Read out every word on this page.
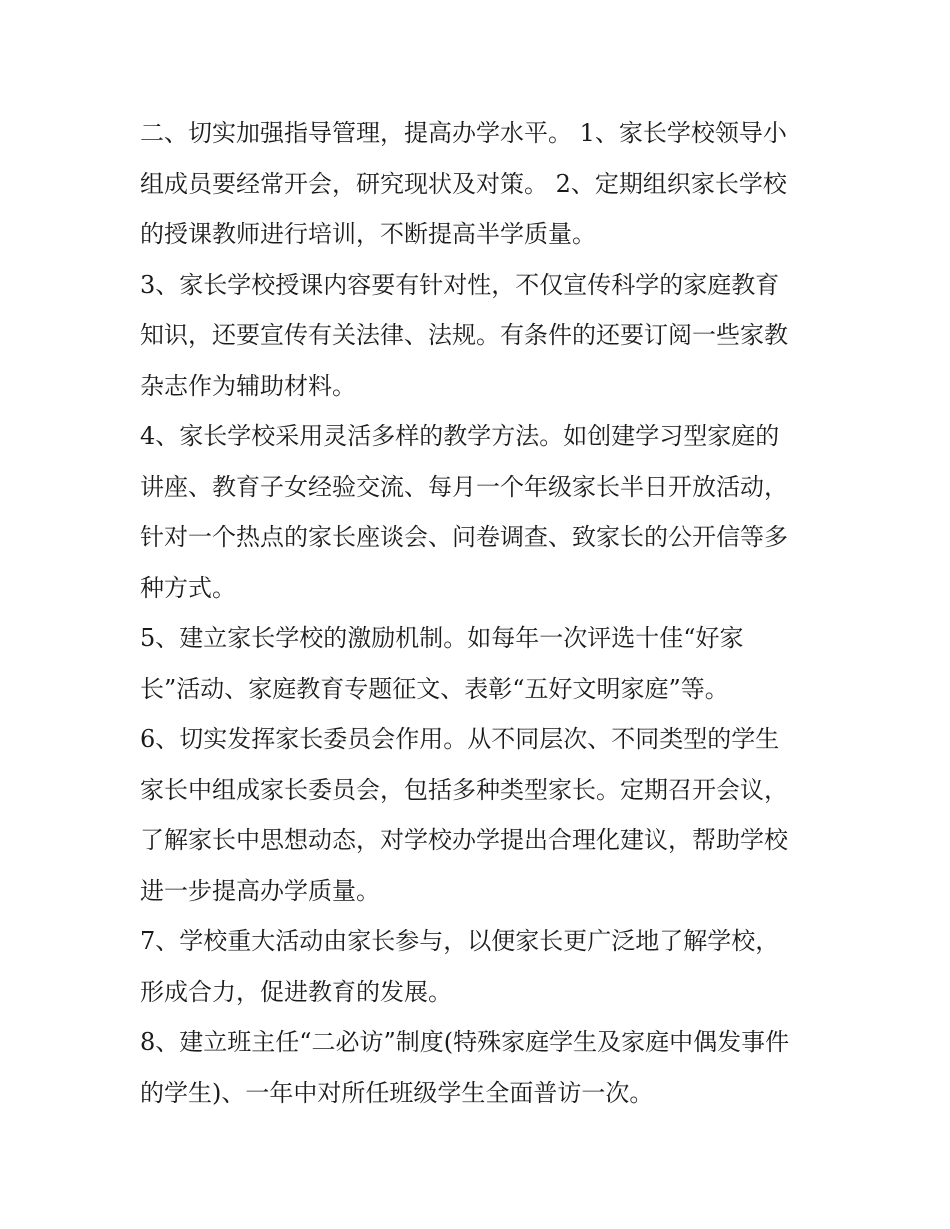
二、切实加强指导管理，提高办学水平。 1、家长学校领导小
组成员要经常开会，研究现状及对策。 2、定期组织家长学校
的授课教师进行培训，不断提高半学质量。

3、家长学校授课内容要有针对性，不仅宣传科学的家庭教育
知识，还要宣传有关法律、法规。有条件的还要订阅一些家教
杂志作为辅助材料。

4、家长学校采用灵活多样的教学方法。如创建学习型家庭的
讲座、教育子女经验交流、每月一个年级家长半日开放活动，
针对一个热点的家长座谈会、问卷调查、致家长的公开信等多
种方式。

5、建立家长学校的激励机制。如每年一次评选十佳“好家
长”活动、家庭教育专题征文、表彰“五好文明家庭”等。

6、切实发挥家长委员会作用。从不同层次、不同类型的学生
家长中组成家长委员会，包括多种类型家长。定期召开会议，
了解家长中思想动态，对学校办学提出合理化建议，帮助学校
进一步提高办学质量。

7、学校重大活动由家长参与，以便家长更广泛地了解学校，
形成合力，促进教育的发展。

8、建立班主任“二必访”制度(特殊家庭学生及家庭中偶发事件
的学生)、一年中对所任班级学生全面普访一次。
